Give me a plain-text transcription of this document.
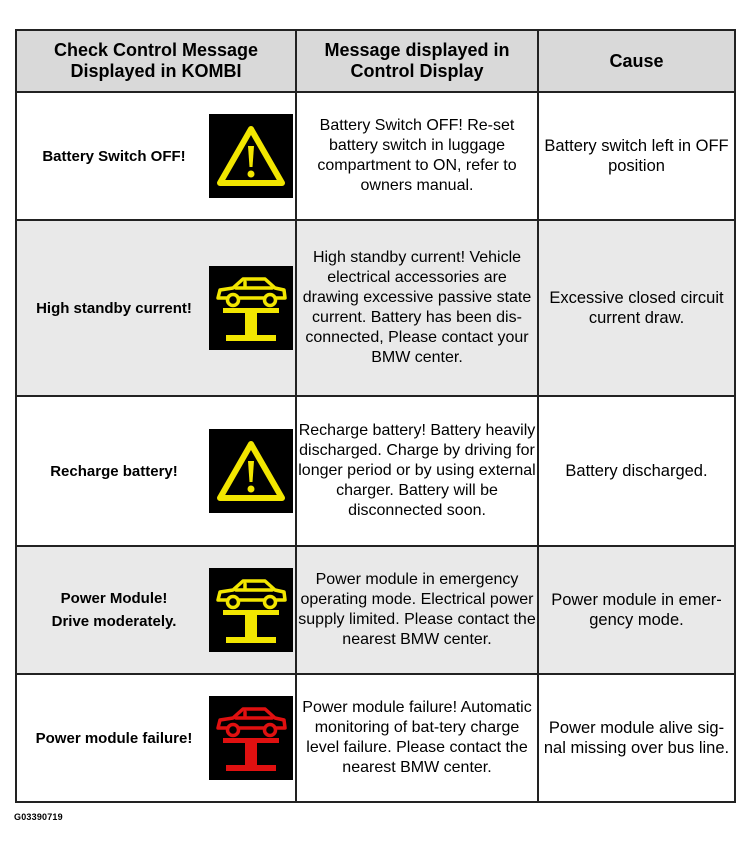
Check Control Message Displayed in KOMBI	Message displayed in Control Display	Cause

Battery Switch OFF!	Battery Switch OFF! Re-set battery switch in luggage compartment to ON, refer to owners manual.	Battery switch left in OFF position

High standby current!	High standby current! Vehicle electrical accessories are drawing excessive passive state current. Battery has been dis-connected, Please contact your BMW center.	Excessive closed circuit current draw.

Recharge battery!	Recharge battery! Battery heavily discharged. Charge by driving for longer period or by using external charger. Battery will be disconnected soon.	Battery discharged.

Power Module!
Drive moderately.	Power module in emergency operating mode. Electrical power supply limited. Please contact the nearest BMW center.	Power module in emer-gency mode.

Power module failure!	Power module failure! Automatic monitoring of bat-tery charge level failure. Please contact the nearest BMW center.	Power module alive sig-nal missing over bus line.
G03390719
